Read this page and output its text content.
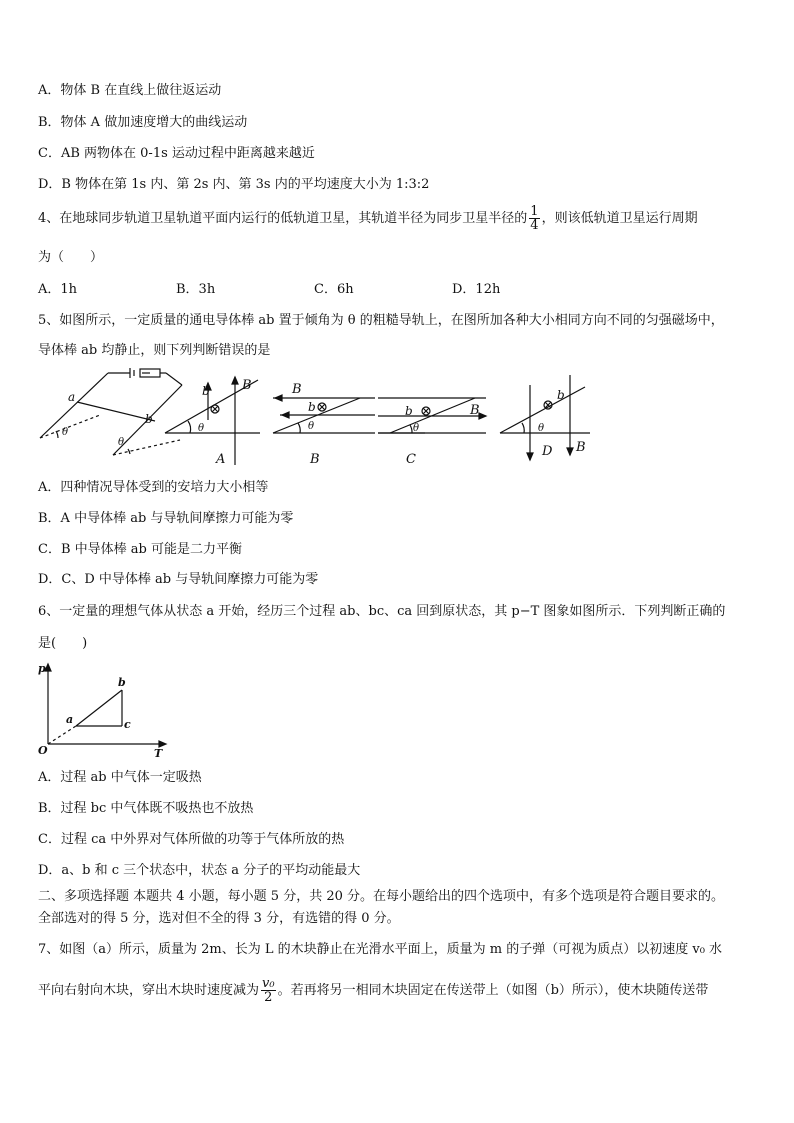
A．物体 B 在直线上做往返运动
B．物体 A 做加速度增大的曲线运动
C．AB 两物体在 0-1s 运动过程中距离越来越近
D．B 物体在第 1s 内、第 2s 内、第 3s 内的平均速度大小为 1:3:2
4、在地球同步轨道卫星轨道平面内运行的低轨道卫星，其轨道半径为同步卫星半径的 $\frac{1}{4}$ ，则该低轨道卫星运行周期
为（　　）
A．1h	B．3h	C．6h	D．12h
5、如图所示，一定质量的通电导体棒 ab 置于倾角为 θ 的粗糙导轨上，在图所加各种大小相同方向不同的匀强磁场中，
导体棒 ab 均静止，则下列判断错误的是
a
b
θ
θ
b B
θ
A
B
b
θ
B
b	B
θ
C
b
θ
D B
A．四种情况导体受到的安培力大小相等
B．A 中导体棒 ab 与导轨间摩擦力可能为零
C．B 中导体棒 ab 可能是二力平衡
D．C、D 中导体棒 ab 与导轨间摩擦力可能为零
6、一定量的理想气体从状态 a 开始，经历三个过程 ab、bc、ca 回到原状态，其 p−T 图象如图所示．下列判断正确的
是(　　)
p
T
O
a
b
c
A．过程 ab 中气体一定吸热
B．过程 bc 中气体既不吸热也不放热
C．过程 ca 中外界对气体所做的功等于气体所放的热
D．a、b 和 c 三个状态中，状态 a 分子的平均动能最大
二、多项选择题 本题共 4 小题，每小题 5 分，共 20 分。在每小题给出的四个选项中，有多个选项是符合题目要求的。
全部选对的得 5 分，选对但不全的得 3 分，有选错的得 0 分。
7、如图（a）所示，质量为 2m、长为 L 的木块静止在光滑水平面上，质量为 m 的子弹（可视为质点）以初速度 v₀ 水
平向右射向木块，穿出木块时速度减为 $\frac{\text{v₀}}{2}$ 。若再将另一相同木块固定在传送带上（如图（b）所示），使木块随传送带
